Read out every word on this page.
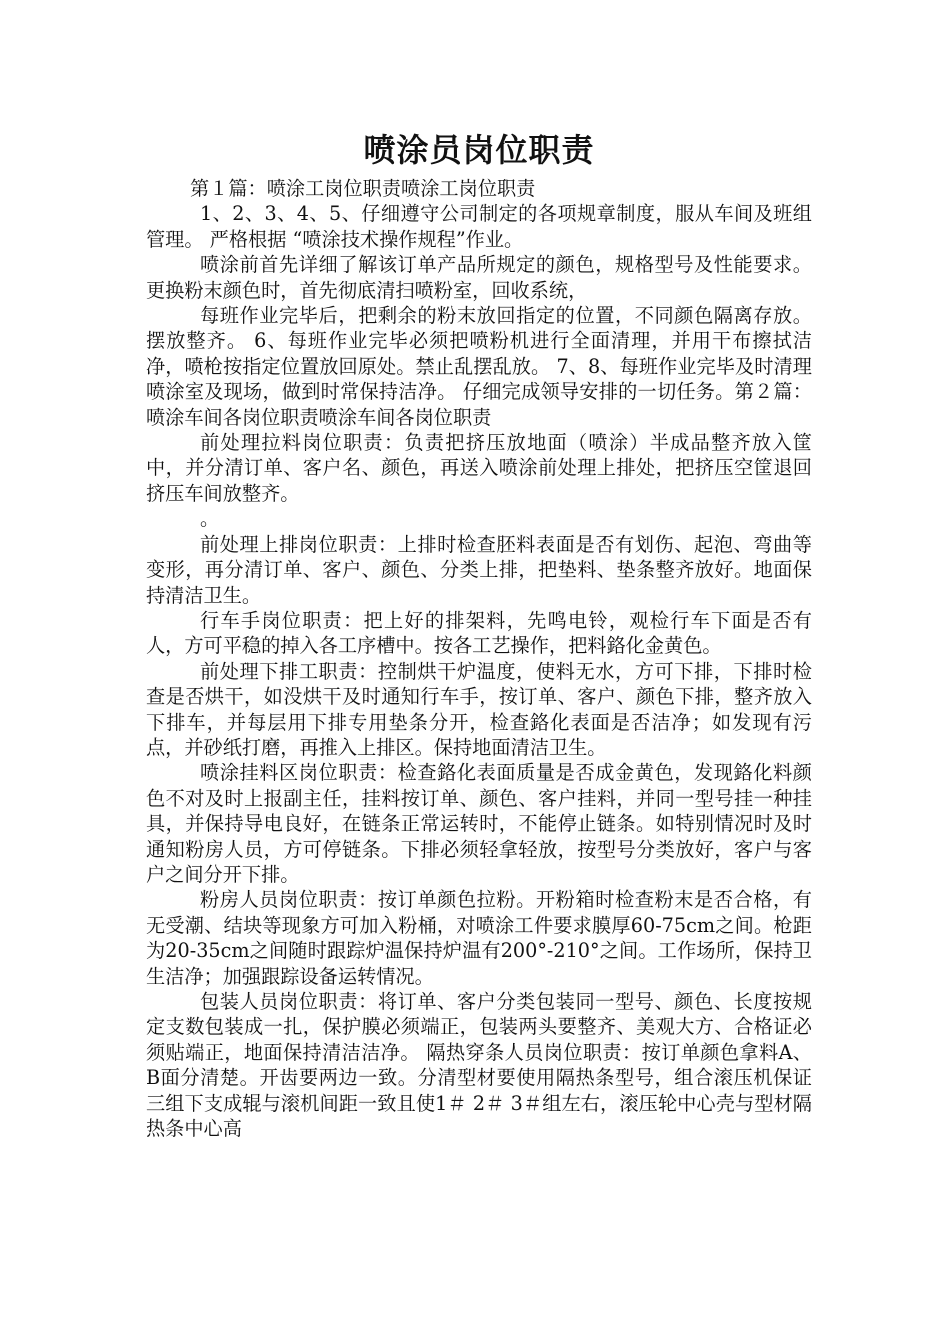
喷涂员岗位职责

第１篇：喷涂工岗位职责喷涂工岗位职责

1、2、3、4、5、仔细遵守公司制定的各项规章制度，服从车间及班组管理。 严格根据 “喷涂技术操作规程”作业。

喷涂前首先详细了解该订单产品所规定的颜色，规格型号及性能要求。 更换粉末颜色时，首先彻底清扫喷粉室，回收系统，

每班作业完毕后，把剩余的粉末放回指定的位置，不同颜色隔离存放。摆放整齐。 6、每班作业完毕必须把喷粉机进行全面清理，并用干布擦拭洁净，喷枪按指定位置放回原处。禁止乱摆乱放。 7、8、每班作业完毕及时清理喷涂室及现场，做到时常保持洁净。 仔细完成领导安排的一切任务。第２篇：喷涂车间各岗位职责喷涂车间各岗位职责

前处理拉料岗位职责：负责把挤压放地面（喷涂）半成品整齐放入筐中，并分清订单、客户名、颜色，再送入喷涂前处理上排处，把挤压空筐退回挤压车间放整齐。

。

前处理上排岗位职责：上排时检查胚料表面是否有划伤、起泡、弯曲等变形，再分清订单、客户、颜色、分类上排，把垫料、垫条整齐放好。地面保持清洁卫生。

行车手岗位职责：把上好的排架料，先鸣电铃，观检行车下面是否有人，方可平稳的掉入各工序槽中。按各工艺操作，把料鉻化金黄色。

前处理下排工职责：控制烘干炉温度，使料无水，方可下排，下排时检查是否烘干，如没烘干及时通知行车手，按订单、客户、颜色下排，整齐放入下排车，并每层用下排专用垫条分开，检查鉻化表面是否洁净；如发现有污点，并砂纸打磨，再推入上排区。保持地面清洁卫生。

喷涂挂料区岗位职责：检查鉻化表面质量是否成金黄色，发现鉻化料颜色不对及时上报副主任，挂料按订单、颜色、客户挂料，并同一型号挂一种挂具，并保持导电良好，在链条正常运转时，不能停止链条。如特别情况时及时通知粉房人员，方可停链条。下排必须轻拿轻放，按型号分类放好，客户与客户之间分开下排。

粉房人员岗位职责：按订单颜色拉粉。开粉箱时检查粉末是否合格，有无受潮、结块等现象方可加入粉桶，对喷涂工件要求膜厚60-75cm之间。枪距为20-35cm之间随时跟踪炉温保持炉温有200°-210°之间。工作场所，保持卫生洁净；加强跟踪设备运转情况。

包装人员岗位职责：将订单、客户分类包装同一型号、颜色、长度按规定支数包装成一扎，保护膜必须端正，包装两头要整齐、美观大方、合格证必须贴端正，地面保持清洁洁净。 隔热穿条人员岗位职责：按订单颜色拿料A、B面分清楚。开齿要两边一致。分清型材要使用隔热条型号，组合滚压机保证三组下支成辊与滚机间距一致且使1＃ 2＃ 3＃组左右，滚压轮中心壳与型材隔热条中心高
